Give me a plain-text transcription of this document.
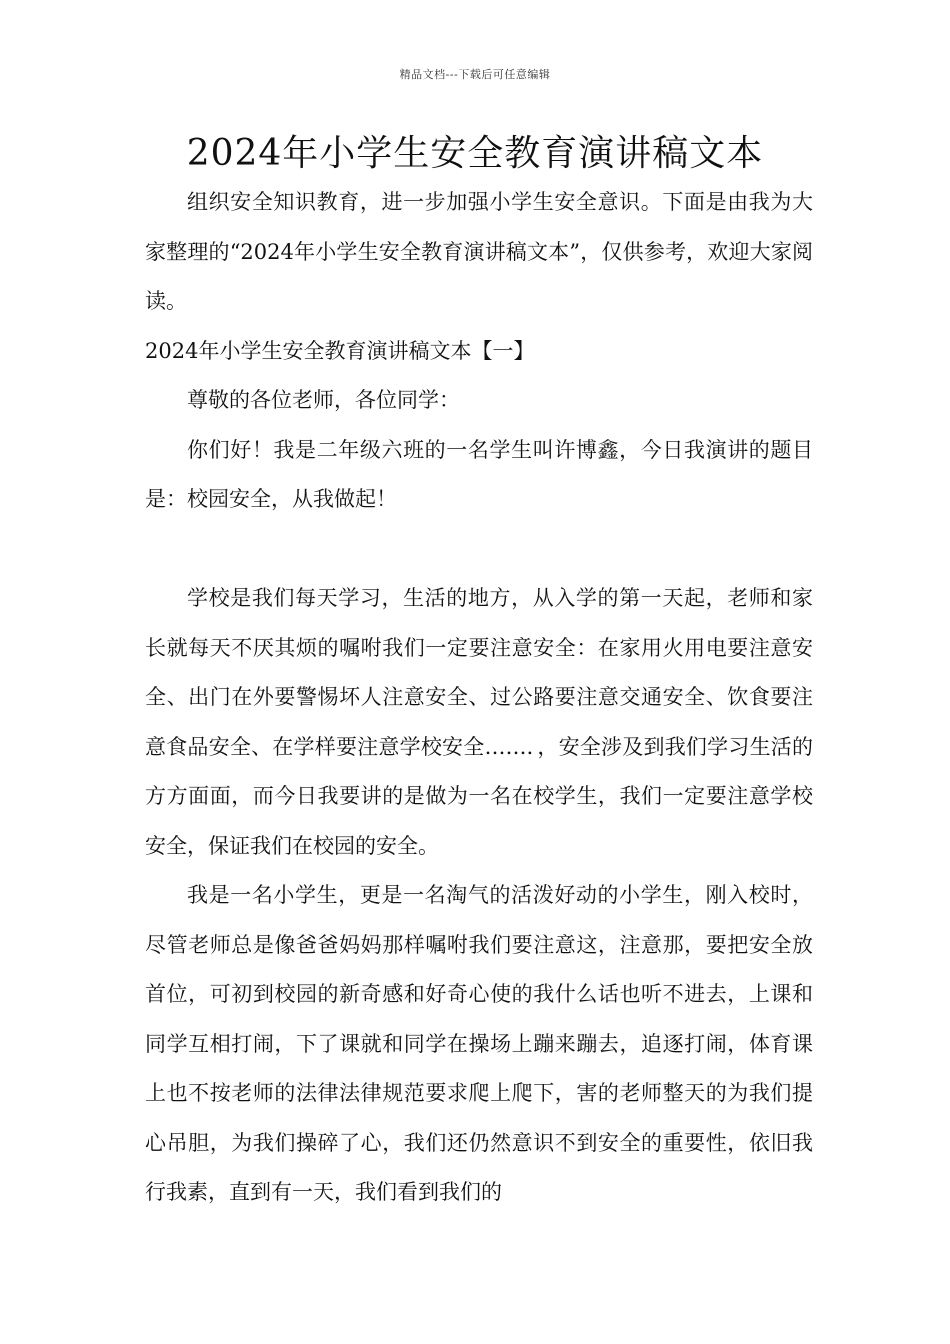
精品文档---下载后可任意编辑
2024年小学生安全教育演讲稿文本

组织安全知识教育，进一步加强小学生安全意识。下面是由我为大家整理的“2024年小学生安全教育演讲稿文本”，仅供参考，欢迎大家阅读。

2024年小学生安全教育演讲稿文本【一】

尊敬的各位老师，各位同学：

你们好！我是二年级六班的一名学生叫许博鑫，今日我演讲的题目是：校园安全，从我做起！

学校是我们每天学习，生活的地方，从入学的第一天起，老师和家长就每天不厌其烦的嘱咐我们一定要注意安全：在家用火用电要注意安全、出门在外要警惕坏人注意安全、过公路要注意交通安全、饮食要注意食品安全、在学样要注意学校安全……．，安全涉及到我们学习生活的方方面面，而今日我要讲的是做为一名在校学生，我们一定要注意学校安全，保证我们在校园的安全。

我是一名小学生，更是一名淘气的活泼好动的小学生，刚入校时，尽管老师总是像爸爸妈妈那样嘱咐我们要注意这，注意那，要把安全放首位，可初到校园的新奇感和好奇心使的我什么话也听不进去，上课和同学互相打闹，下了课就和同学在操场上蹦来蹦去，追逐打闹，体育课上也不按老师的法律法律规范要求爬上爬下，害的老师整天的为我们提心吊胆，为我们操碎了心，我们还仍然意识不到安全的重要性，依旧我行我素，直到有一天，我们看到我们的
